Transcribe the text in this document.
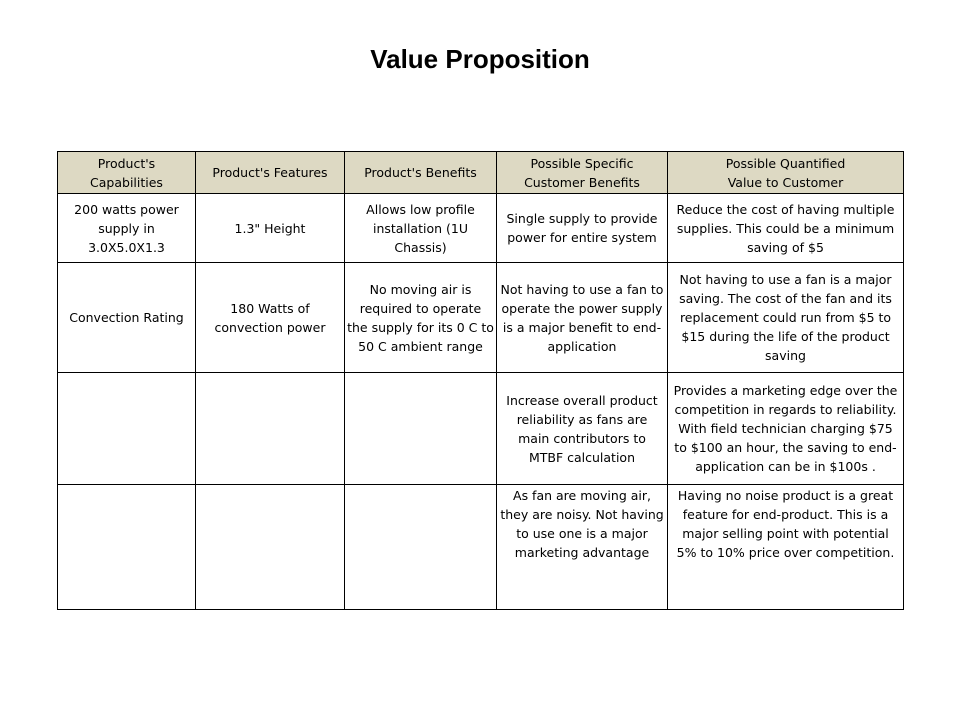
Value Proposition
Product's
Capabilities	Product's Features	Product's Benefits	Possible Specific
Customer Benefits	Possible Quantified
Value to Customer
200 watts power
supply in
3.0X5.0X1.3	1.3" Height	Allows low profile
installation (1U
Chassis)	Single supply to provide
power for entire system	Reduce the cost of having multiple
supplies. This could be a minimum
saving of $5
Convection Rating	180 Watts of
convection power	No moving air is
required to operate
the supply for its 0 C to
50 C ambient range	Not having to use a fan to
operate the power supply
is a major benefit to end-
application	Not having to use a fan is a major
saving. The cost of the fan and its
replacement could run from $5 to
$15 during the life of the product
saving
			Increase overall product
reliability as fans are
main contributors to
MTBF calculation	Provides a marketing edge over the
competition in regards to reliability.
With field technician charging $75
to $100 an hour, the saving to end-
application can be in $100s .
			As fan are moving air,
they are noisy. Not having
to use one is a major
marketing advantage	Having no noise product is a great
feature for end-product. This is a
major selling point with potential
5% to 10% price over competition.
